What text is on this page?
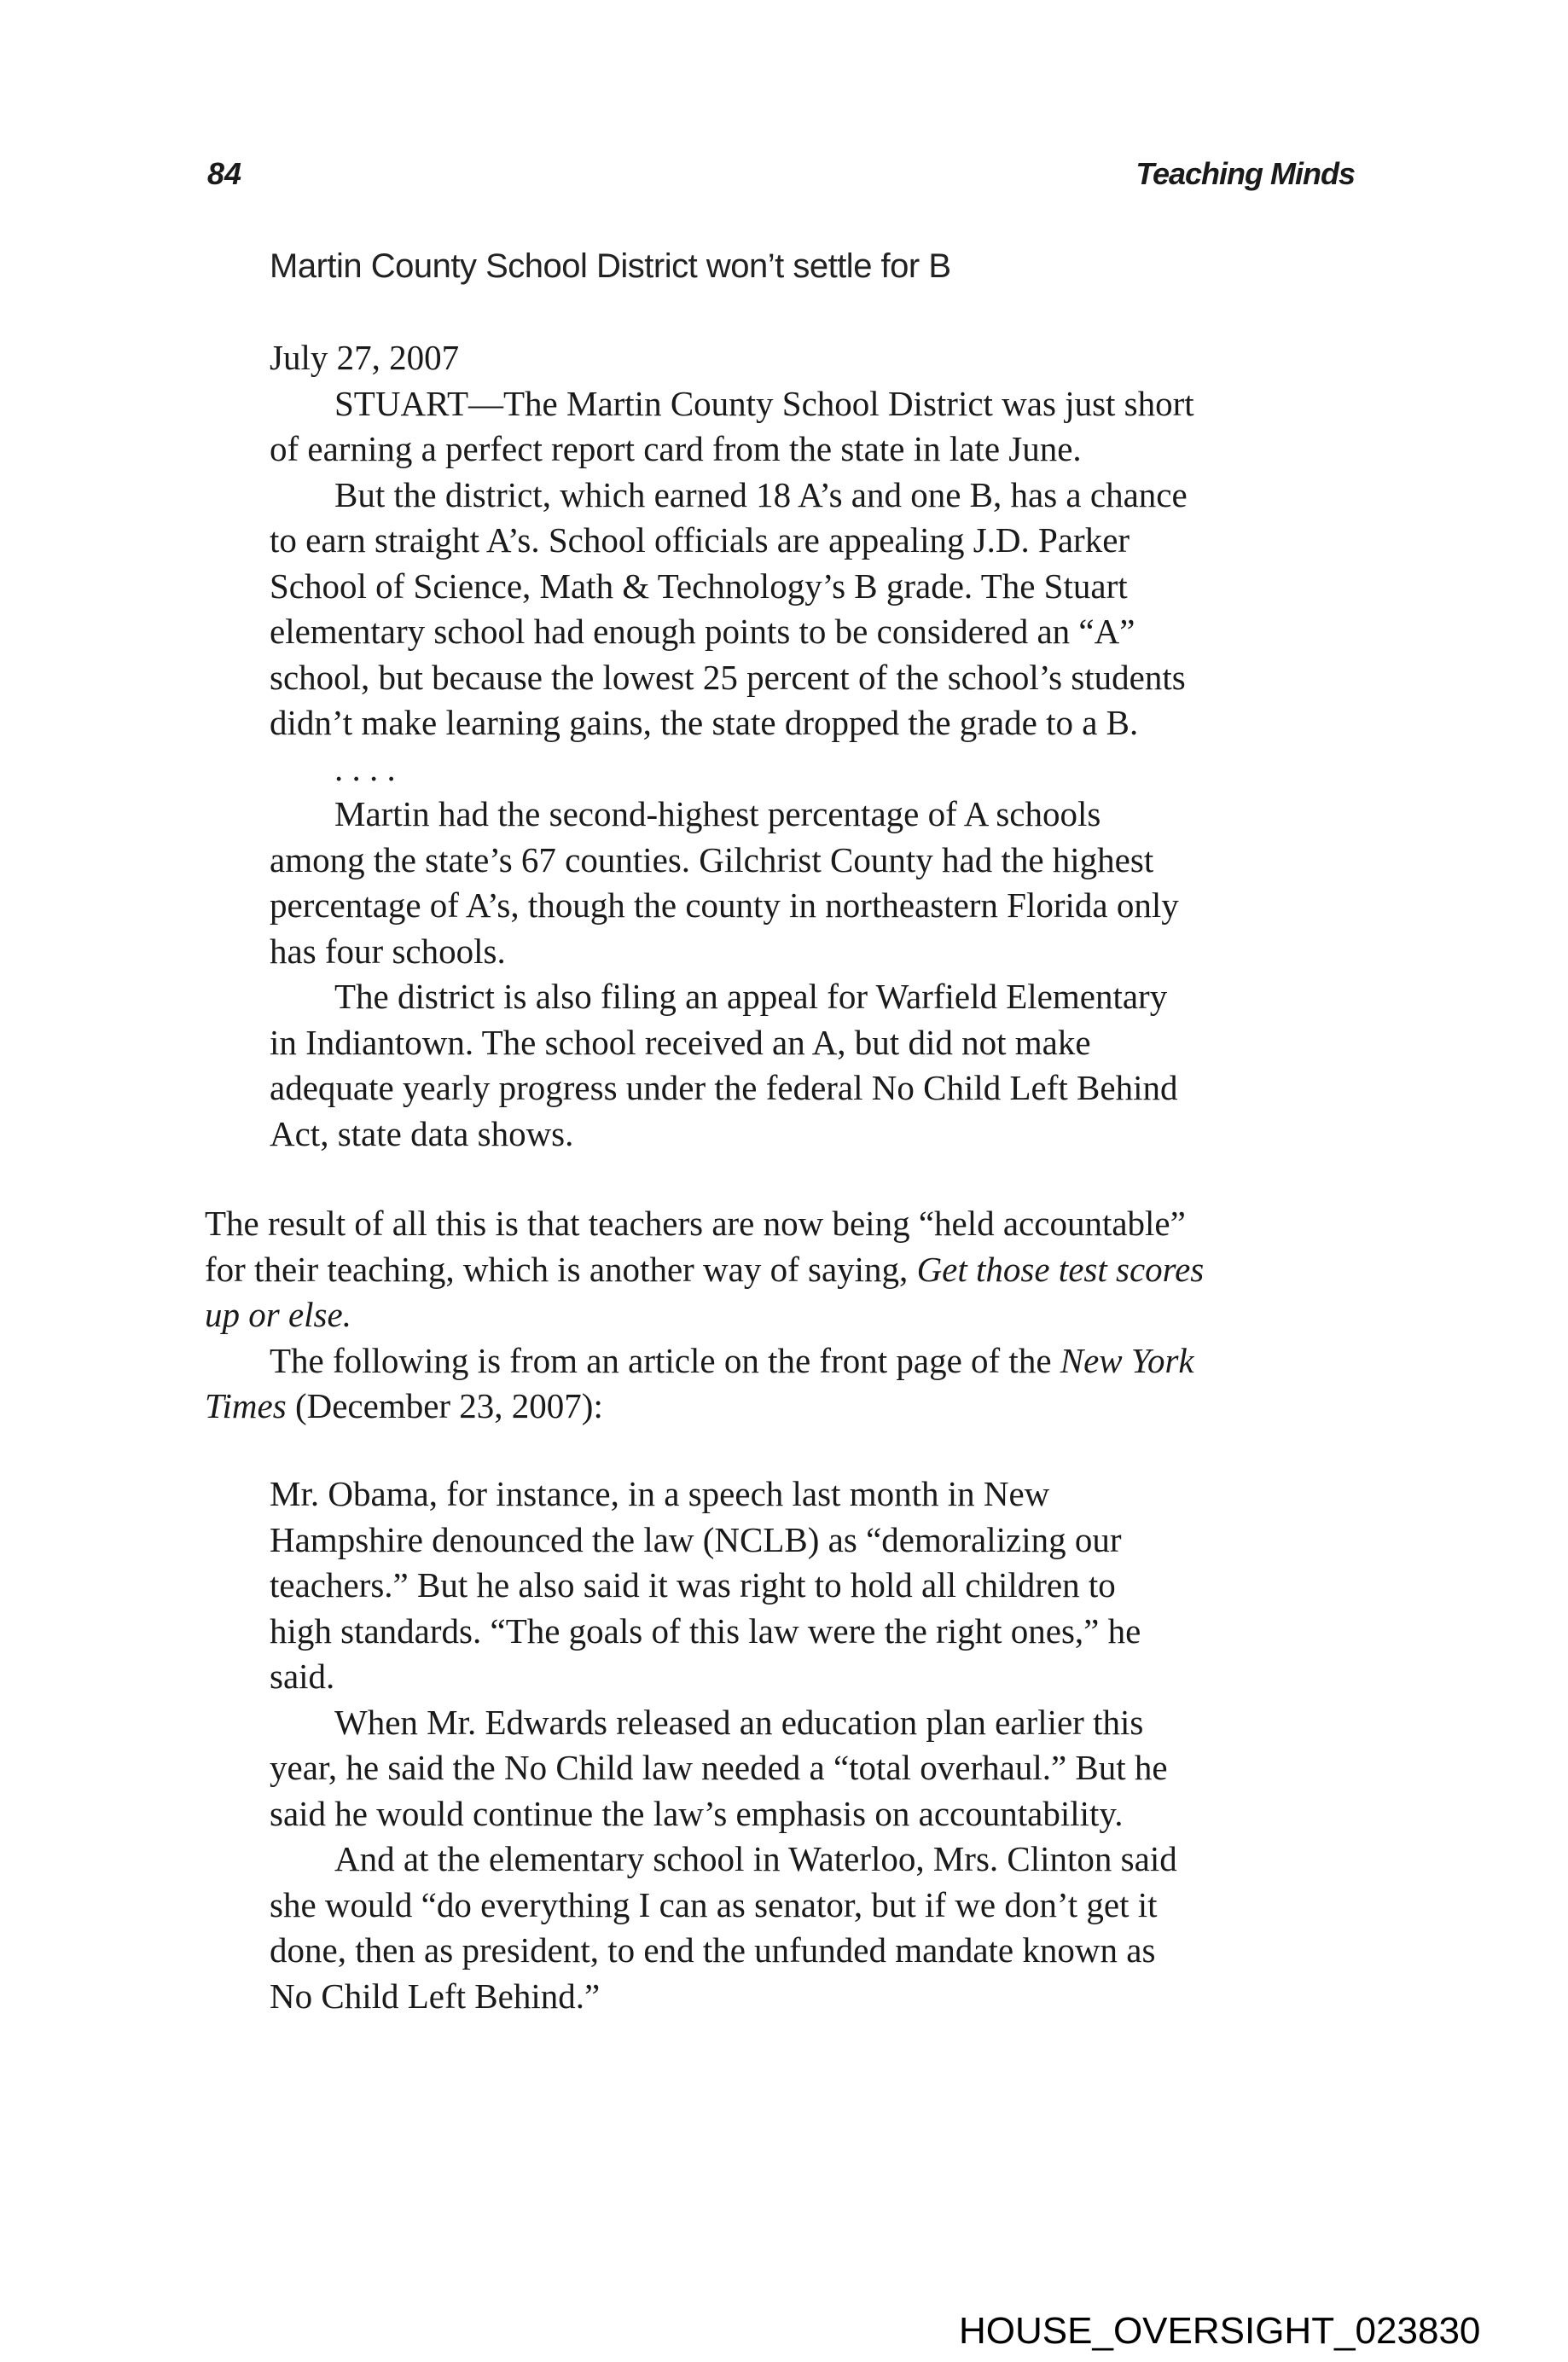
84	Teaching Minds
Martin County School District won’t settle for B
July 27, 2007
STUART—The Martin County School District was just short
of earning a perfect report card from the state in late June.
But the district, which earned 18 A’s and one B, has a chance
to earn straight A’s. School officials are appealing J.D. Parker
School of Science, Math & Technology’s B grade. The Stuart
elementary school had enough points to be considered an “A”
school, but because the lowest 25 percent of the school’s students
didn’t make learning gains, the state dropped the grade to a B.
. . . .
Martin had the second-highest percentage of A schools
among the state’s 67 counties. Gilchrist County had the highest
percentage of A’s, though the county in northeastern Florida only
has four schools.
The district is also filing an appeal for Warfield Elementary
in Indiantown. The school received an A, but did not make
adequate yearly progress under the federal No Child Left Behind
Act, state data shows.
The result of all this is that teachers are now being “held accountable”
for their teaching, which is another way of saying, Get those test scores
up or else.
The following is from an article on the front page of the New York
Times (December 23, 2007):
Mr. Obama, for instance, in a speech last month in New
Hampshire denounced the law (NCLB) as “demoralizing our
teachers.” But he also said it was right to hold all children to
high standards. “The goals of this law were the right ones,” he
said.
When Mr. Edwards released an education plan earlier this
year, he said the No Child law needed a “total overhaul.” But he
said he would continue the law’s emphasis on accountability.
And at the elementary school in Waterloo, Mrs. Clinton said
she would “do everything I can as senator, but if we don’t get it
done, then as president, to end the unfunded mandate known as
No Child Left Behind.”
HOUSE_OVERSIGHT_023830
